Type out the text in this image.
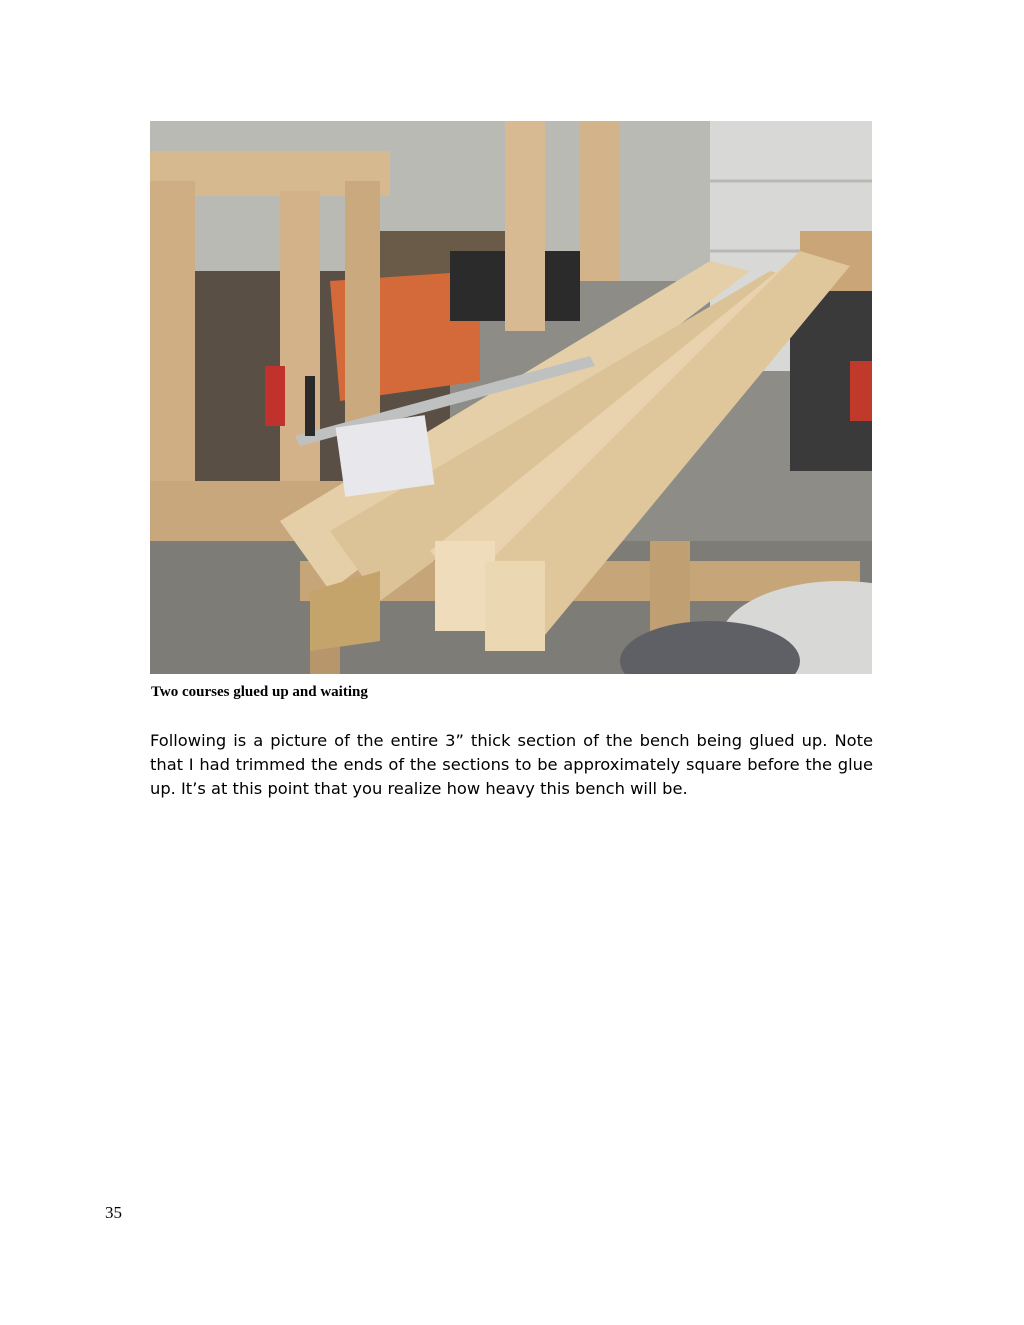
Two courses glued up and waiting

Following is a picture of the entire 3” thick section of the bench being glued up. Note that I had trimmed the ends of the sections to be approximately square before the glue up. It’s at this point that you realize how heavy this bench will be.

35
